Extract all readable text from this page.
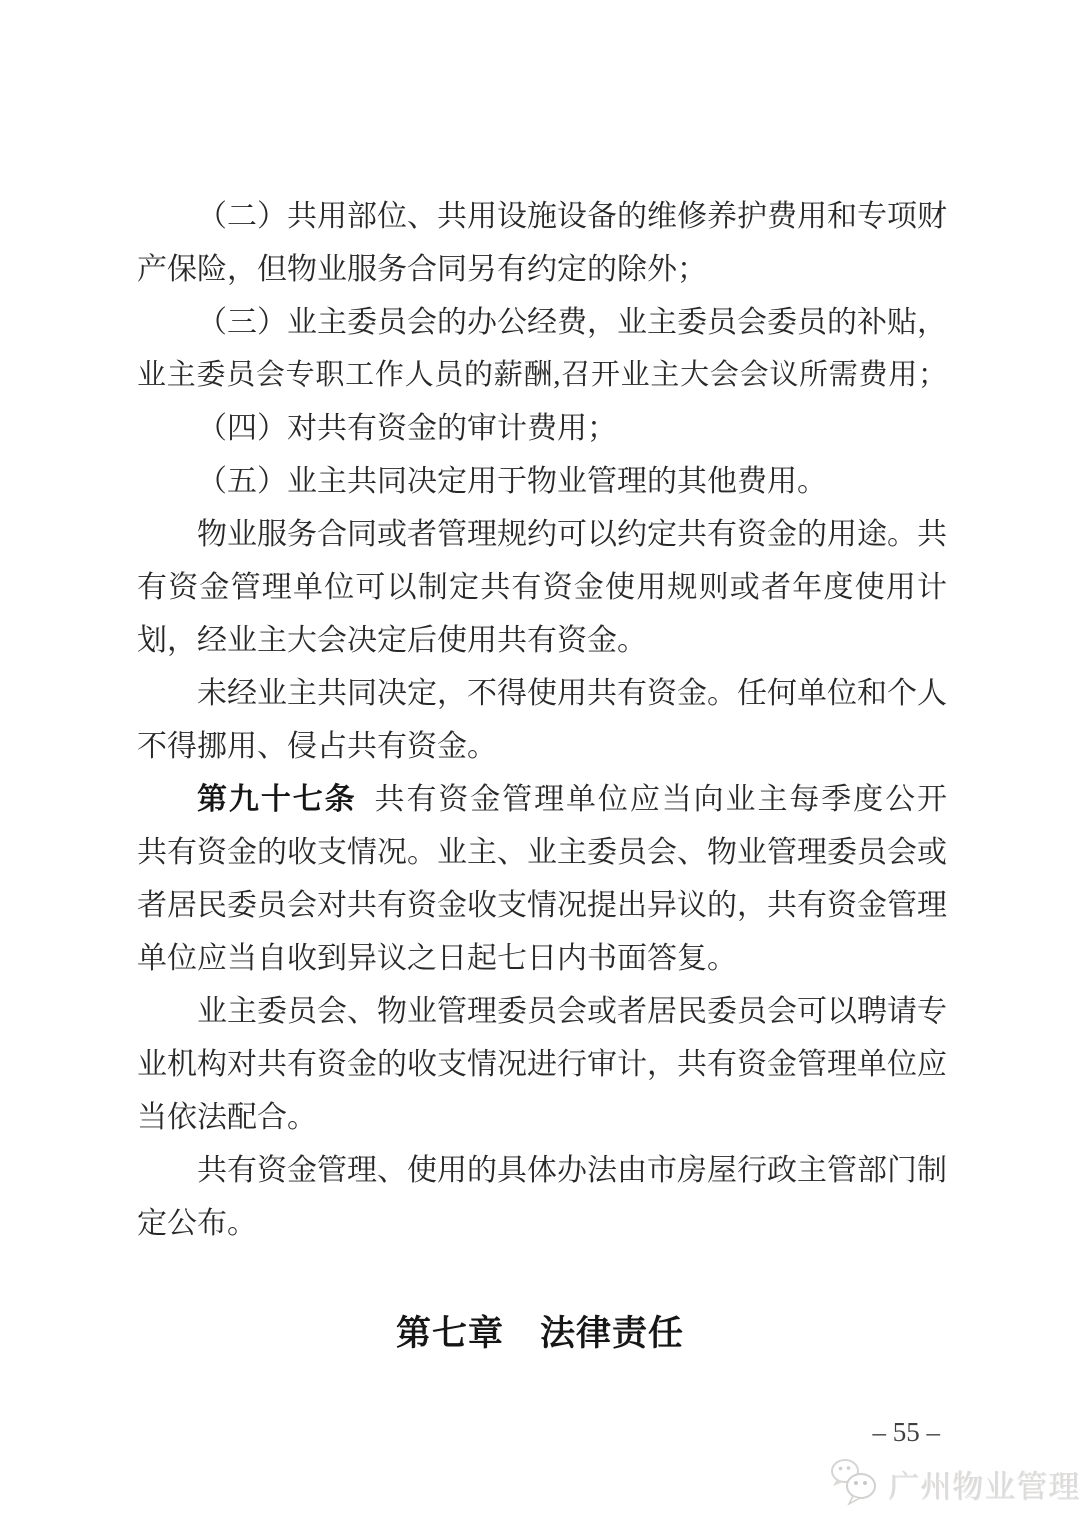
（二）共用部位、共用设施设备的维修养护费用和专项财
产保险，但物业服务合同另有约定的除外；
（三）业主委员会的办公经费，业主委员会委员的补贴，
业主委员会专职工作人员的薪酬,召开业主大会会议所需费用；
（四）对共有资金的审计费用；
（五）业主共同决定用于物业管理的其他费用。
物业服务合同或者管理规约可以约定共有资金的用途。共
有资金管理单位可以制定共有资金使用规则或者年度使用计
划，经业主大会决定后使用共有资金。
未经业主共同决定，不得使用共有资金。任何单位和个人
不得挪用、侵占共有资金。
第九十七条 共有资金管理单位应当向业主每季度公开
共有资金的收支情况。业主、业主委员会、物业管理委员会或
者居民委员会对共有资金收支情况提出异议的，共有资金管理
单位应当自收到异议之日起七日内书面答复。
业主委员会、物业管理委员会或者居民委员会可以聘请专
业机构对共有资金的收支情况进行审计，共有资金管理单位应
当依法配合。
共有资金管理、使用的具体办法由市房屋行政主管部门制
定公布。
第七章　法律责任
– 55 –
广州物业管理
